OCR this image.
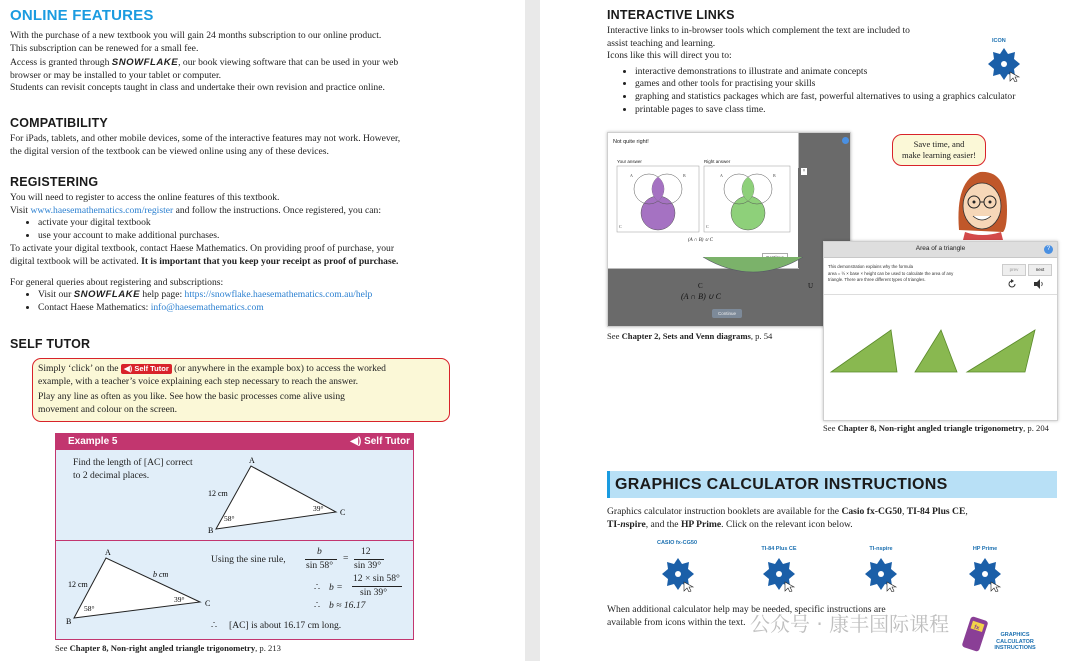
ONLINE FEATURES

With the purchase of a new textbook you will gain 24 months subscription to our online product.

This subscription can be renewed for a small fee.

Access is granted through SNOWFLAKE, our book viewing software that can be used in your web

browser or may be installed to your tablet or computer.

Students can revisit concepts taught in class and undertake their own revision and practice online.

COMPATIBILITY

For iPads, tablets, and other mobile devices, some of the interactive features may not work. However,

the digital version of the textbook can be viewed online using any of these devices.

REGISTERING

You will need to register to access the online features of this textbook.

Visit www.haesemathematics.com/register and follow the instructions. Once registered, you can:

• activate your digital textbook
• use your account to make additional purchases.

To activate your digital textbook, contact Haese Mathematics. On providing proof of purchase, your

digital textbook will be activated. It is important that you keep your receipt as proof of purchase.

For general queries about registering and subscriptions:

• Visit our SNOWFLAKE help page: https://snowflake.haesemathematics.com.au/help
• Contact Haese Mathematics: info@haesemathematics.com
SELF TUTOR

Simply ‘click’ on the ◀) Self Tutor (or anywhere in the example box) to access the worked

example, with a teacher’s voice explaining each step necessary to reach the answer.

Play any line as often as you like. See how the basic processes come alive using

movement and colour on the screen.

Example 5	◀) Self Tutor

Find the length of [AC] correct

to 2 decimal places.

A
B
C
12 cm
58°
39°
A
B
C
12 cm
b cm
58°
39°
Using the sine rule,
b
sin 58°
=
12
sin 39°
∴ b =
12 × sin 58°
sin 39°
∴ b ≈ 16.17
∴ [AC] is about 16.17 cm long.
See Chapter 8, Non-right angled triangle trigonometry, p. 213
INTERACTIVE LINKS

Interactive links to in-browser tools which complement the text are included to

assist teaching and learning.

Icons like this will direct you to:

• interactive demonstrations to illustrate and animate concepts
• games and other tools for practising your skills
• graphing and statistics packages which are fast, powerful alternatives to using a graphics calculator
• printable pages to save class time.
ICON
Not quite right!
Your answer	Right answer
A	B	A	B
C	C
(A ∩ B) ∪ C
×
C	U
(A ∩ B) ∪ C
Continue
See Chapter 2, Sets and Venn diagrams, p. 54
Save time, and
make learning easier!
Area of a triangle	?
This demonstration explains why the formula
area = ½ × base × height can be used to calculate the area of any
triangle. There are three different types of triangles.
prev	next
See Chapter 8, Non-right angled triangle trigonometry, p. 204
GRAPHICS CALCULATOR INSTRUCTIONS

Graphics calculator instruction booklets are available for the Casio fx-CG50, TI-84 Plus CE,

TI-nspire, and the HP Prime. Click on the relevant icon below.

CASIO fx-CG50
TI-84 Plus CE	TI-nspire	HP Prime

When additional calculator help may be needed, specific instructions are

available from icons within the text. 公众号 · 康丰国际课程	fx
GRAPHICS CALCULATOR INSTRUCTIONS
